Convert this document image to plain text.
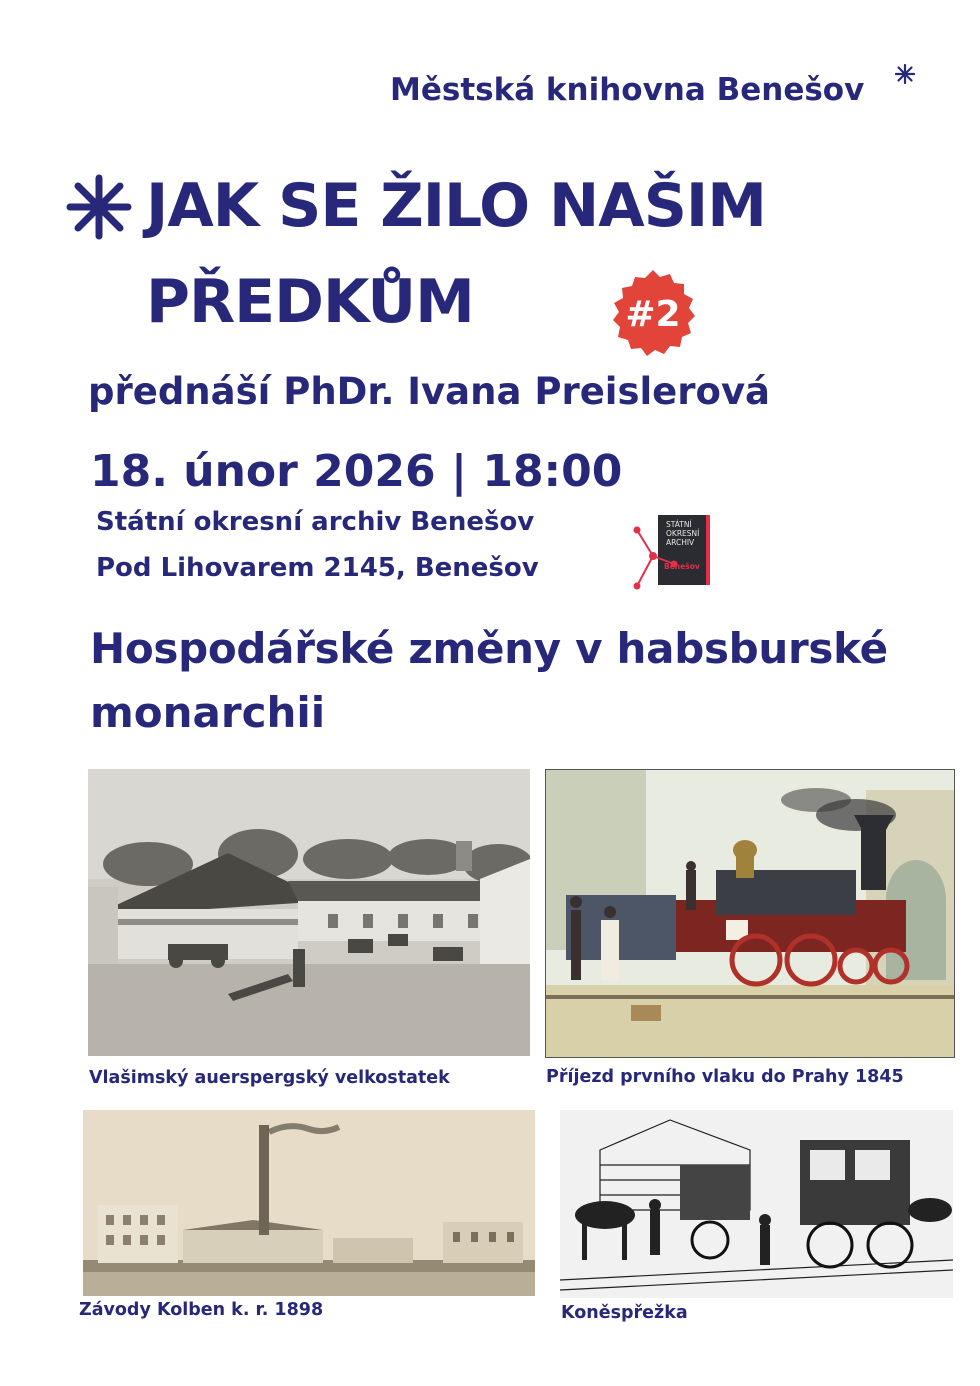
Městská knihovna Benešov
JAK SE ŽILO NAŠIM
PŘEDKŮM	#2
přednáší PhDr. Ivana Preislerová
18. únor 2026 | 18:00
Státní okresní archiv Benešov
Pod Lihovarem 2145, Benešov
STÁTNÍ
OKRESNÍ
ARCHIV
Benešov
Hospodářské změny v habsburské
monarchii
Vlašimský auerspergský velkostatek	Příjezd prvního vlaku do Prahy 1845
Závody Kolben k. r. 1898	Koněspřežka
